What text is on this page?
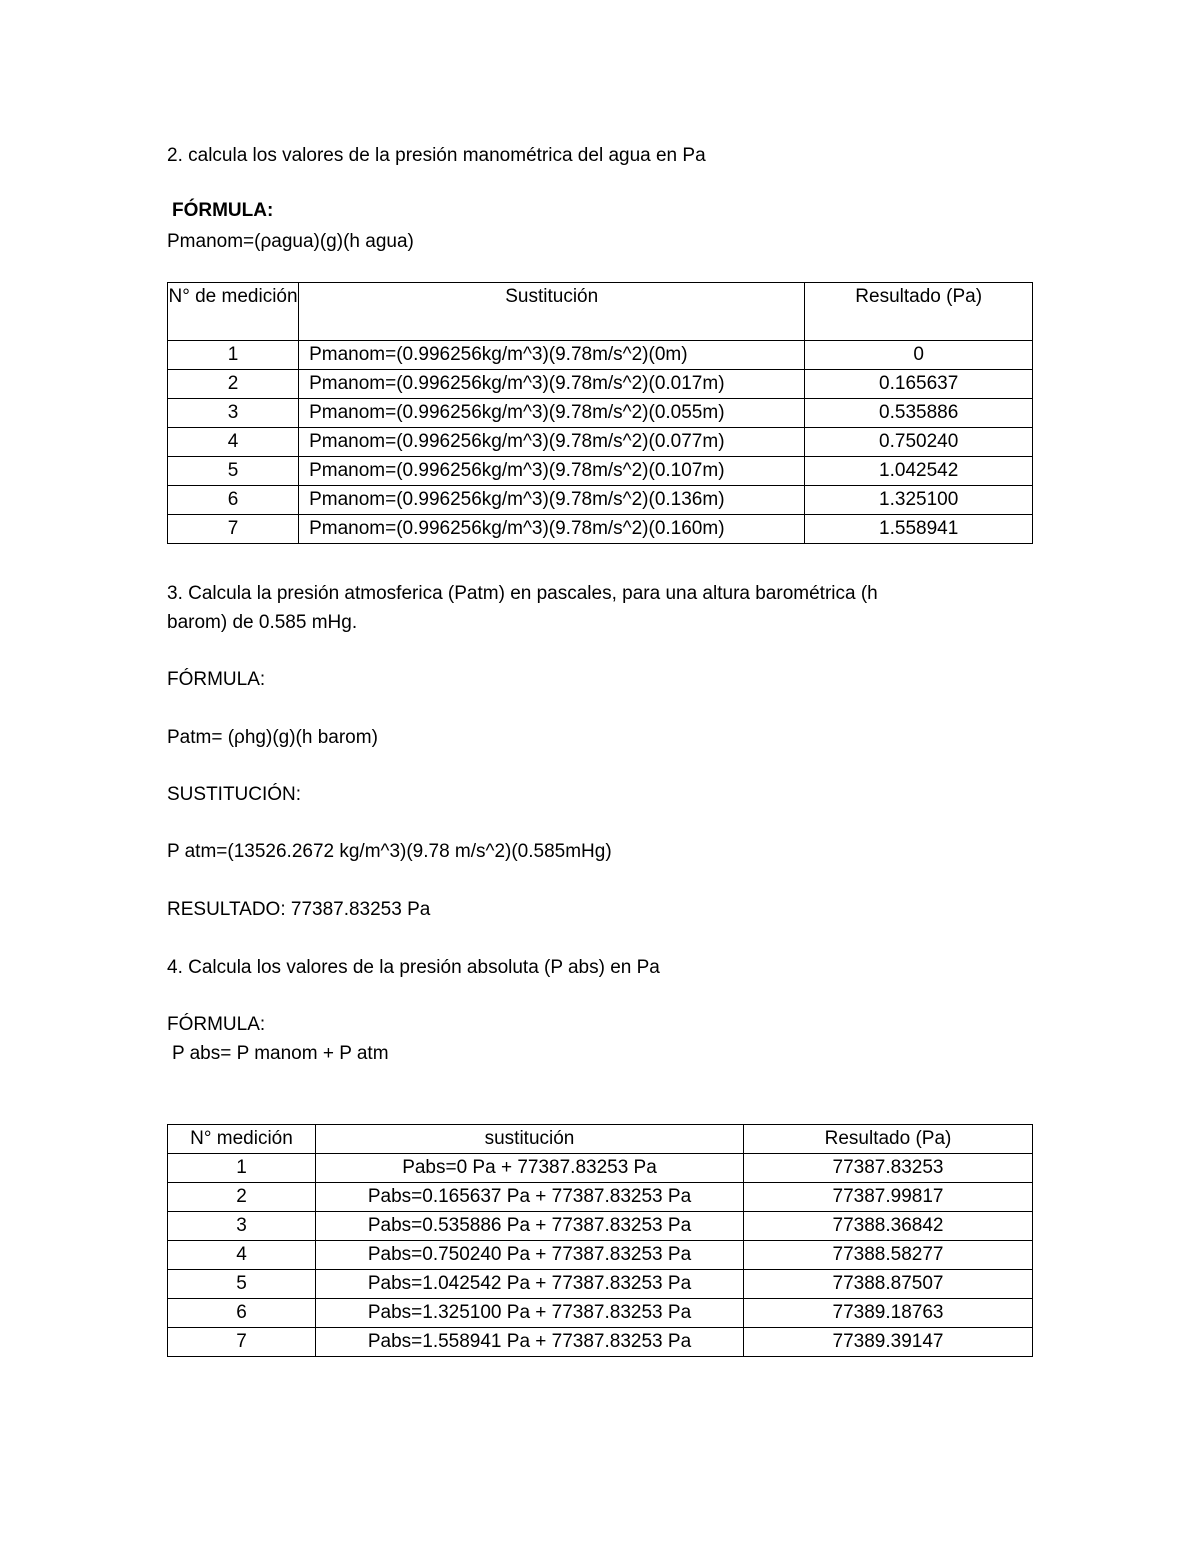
2. calcula los valores de la presión manométrica del agua en Pa

FÓRMULA:

Pmanom=(ρagua)(g)(h agua)

N° de medición	Sustitución	Resultado (Pa)
1	Pmanom=(0.996256kg/m^3)(9.78m/s^2)(0m)	0
2	Pmanom=(0.996256kg/m^3)(9.78m/s^2)(0.017m)	0.165637
3	Pmanom=(0.996256kg/m^3)(9.78m/s^2)(0.055m)	0.535886
4	Pmanom=(0.996256kg/m^3)(9.78m/s^2)(0.077m)	0.750240
5	Pmanom=(0.996256kg/m^3)(9.78m/s^2)(0.107m)	1.042542
6	Pmanom=(0.996256kg/m^3)(9.78m/s^2)(0.136m)	1.325100
7	Pmanom=(0.996256kg/m^3)(9.78m/s^2)(0.160m)	1.558941

3. Calcula la presión atmosferica (Patm) en pascales, para una altura barométrica (h

barom) de 0.585 mHg.

FÓRMULA:

Patm= (ρhg)(g)(h barom)

SUSTITUCIÓN:

P atm=(13526.2672 kg/m^3)(9.78 m/s^2)(0.585mHg)

RESULTADO: 77387.83253 Pa

4. Calcula los valores de la presión absoluta (P abs) en Pa

FÓRMULA:

P abs= P manom + P atm

N° medición	sustitución	Resultado (Pa)
1	Pabs=0 Pa + 77387.83253 Pa	77387.83253
2	Pabs=0.165637 Pa + 77387.83253 Pa	77387.99817
3	Pabs=0.535886 Pa + 77387.83253 Pa	77388.36842
4	Pabs=0.750240 Pa + 77387.83253 Pa	77388.58277
5	Pabs=1.042542 Pa + 77387.83253 Pa	77388.87507
6	Pabs=1.325100 Pa + 77387.83253 Pa	77389.18763
7	Pabs=1.558941 Pa + 77387.83253 Pa	77389.39147
